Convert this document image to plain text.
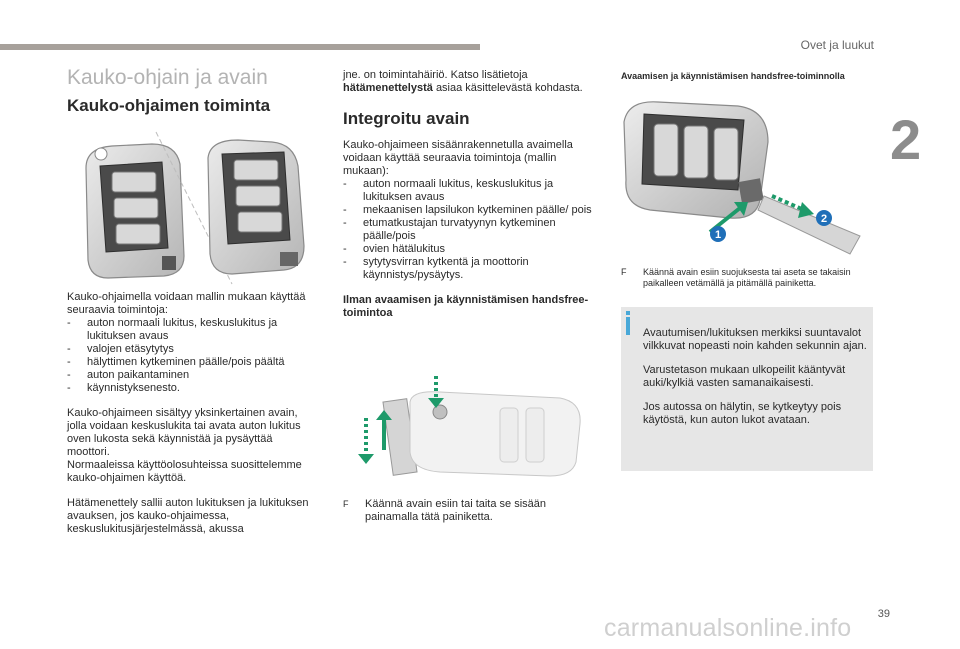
Ovet ja luukut
2
39
carmanualsonline.info
Kauko-ohjain ja avain
Kauko-ohjaimen toiminta

Kauko-ohjaimella voidaan mallin mukaan käyttää seuraavia toimintoja:

- auton normaali lukitus, keskuslukitus ja lukituksen avaus
- valojen etäsytytys
- hälyttimen kytkeminen päälle/pois päältä
- auton paikantaminen
- käynnistyksenesto.

Kauko-ohjaimeen sisältyy yksinkertainen avain, jolla voidaan keskuslukita tai avata auton lukitus oven lukosta sekä käynnistää ja pysäyttää moottori.

Normaaleissa käyttöolosuhteissa suosittelemme kauko-ohjaimen käyttöä.

Hätämenettely sallii auton lukituksen ja lukituksen avauksen, jos kauko-ohjaimessa, keskuslukitusjärjestelmässä, akussa

jne. on toimintahäiriö. Katso lisätietoja hätämenettelystä asiaa käsittelevästä kohdasta.

Integroitu avain

Kauko-ohjaimeen sisäänrakennetulla avaimella voidaan käyttää seuraavia toimintoja (mallin mukaan):

- auton normaali lukitus, keskuslukitus ja lukituksen avaus
- mekaanisen lapsilukon kytkeminen päälle/ pois
- etumatkustajan turvatyynyn kytkeminen päälle/pois
- ovien hätälukitus
- sytytysvirran kytkentä ja moottorin käynnistys/pysäytys.

Ilman avaamisen ja käynnistämisen handsfree-toimintoa

F Käännä avain esiin tai taita se sisään painamalla tätä painiketta.

Avaamisen ja käynnistämisen handsfree-toiminnolla

1
2

F Käännä avain esiin suojuksesta tai aseta se takaisin paikalleen vetämällä ja pitämällä painiketta.

Avautumisen/lukituksen merkiksi suuntavalot vilkkuvat nopeasti noin kahden sekunnin ajan.

Varustetason mukaan ulkopeilit kääntyvät auki/kylkiä vasten samanaikaisesti.

Jos autossa on hälytin, se kytkeytyy pois käytöstä, kun auton lukot avataan.
